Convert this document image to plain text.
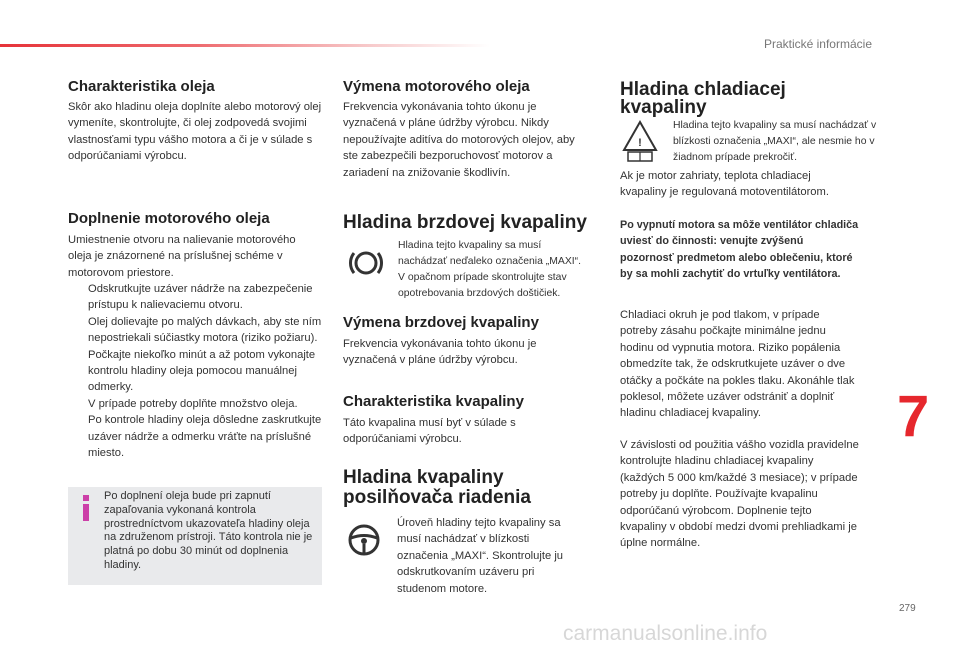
Praktické informácie
Charakteristika oleja

Skôr ako hladinu oleja doplníte alebo motorový olej vymeníte, skontrolujte, či olej zodpovedá svojimi vlastnosťami typu vášho motora a či je v súlade s odporúčaniami výrobcu.

Doplnenie motorového oleja

Umiestnenie otvoru na nalievanie motorového oleja je znázornené na príslušnej schéme v motorovom priestore.

Odskrutkujte uzáver nádrže na zabezpečenie prístupu k nalievaciemu otvoru.
Olej dolievajte po malých dávkach, aby ste ním nepostriekali súčiastky motora (riziko požiaru).
Počkajte niekoľko minút a až potom vykonajte kontrolu hladiny oleja pomocou manuálnej odmerky.
V prípade potreby doplňte množstvo oleja.
Po kontrole hladiny oleja dôsledne zaskrutkujte uzáver nádrže a odmerku vráťte na príslušné miesto.
Po doplnení oleja bude pri zapnutí zapaľovania vykonaná kontrola prostredníctvom ukazovateľa hladiny oleja na združenom prístroji. Táto kontrola nie je platná po dobu 30 minút od doplnenia hladiny.
Výmena motorového oleja

Frekvencia vykonávania tohto úkonu je vyznačená v pláne údržby výrobcu. Nikdy nepoužívajte aditíva do motorových olejov, aby ste zabezpečili bezporuchovosť motorov a zariadení na znižovanie škodlivín.

Hladina brzdovej kvapaliny

Hladina tejto kvapaliny sa musí nachádzať neďaleko označenia „MAXI“. V opačnom prípade skontrolujte stav opotrebovania brzdových doštičiek.

Výmena brzdovej kvapaliny

Frekvencia vykonávania tohto úkonu je vyznačená v pláne údržby výrobcu.

Charakteristika kvapaliny

Táto kvapalina musí byť v súlade s odporúčaniami výrobcu.

Hladina kvapaliny
posilňovača riadenia

Úroveň hladiny tejto kvapaliny sa musí nachádzať v blízkosti označenia „MAXI“. Skontrolujte ju odskrutkovaním uzáveru pri studenom motore.

Hladina chladiacej
kvapaliny
!

Hladina tejto kvapaliny sa musí nachádzať v blízkosti označenia „MAXI“, ale nesmie ho v žiadnom prípade prekročiť.

Ak je motor zahriaty, teplota chladiacej kvapaliny je regulovaná motoventilátorom.

Po vypnutí motora sa môže ventilátor chladiča uviesť do činnosti: venujte zvýšenú pozornosť predmetom alebo oblečeniu, ktoré by sa mohli zachytiť do vrtuľky ventilátora.

Chladiaci okruh je pod tlakom, v prípade potreby zásahu počkajte minimálne jednu hodinu od vypnutia motora. Riziko popálenia obmedzíte tak, že odskrutkujete uzáver o dve otáčky a počkáte na pokles tlaku. Akonáhle tlak poklesol, môžete uzáver odstrániť a doplniť hladinu chladiacej kvapaliny.

V závislosti od použitia vášho vozidla pravidelne kontrolujte hladinu chladiacej kvapaliny (každých 5 000 km/každé 3 mesiace); v prípade potreby ju doplňte. Používajte kvapalinu odporúčanú výrobcom. Doplnenie tejto kvapaliny v období medzi dvomi prehliadkami je úplne normálne.

7
279
carmanualsonline.info
